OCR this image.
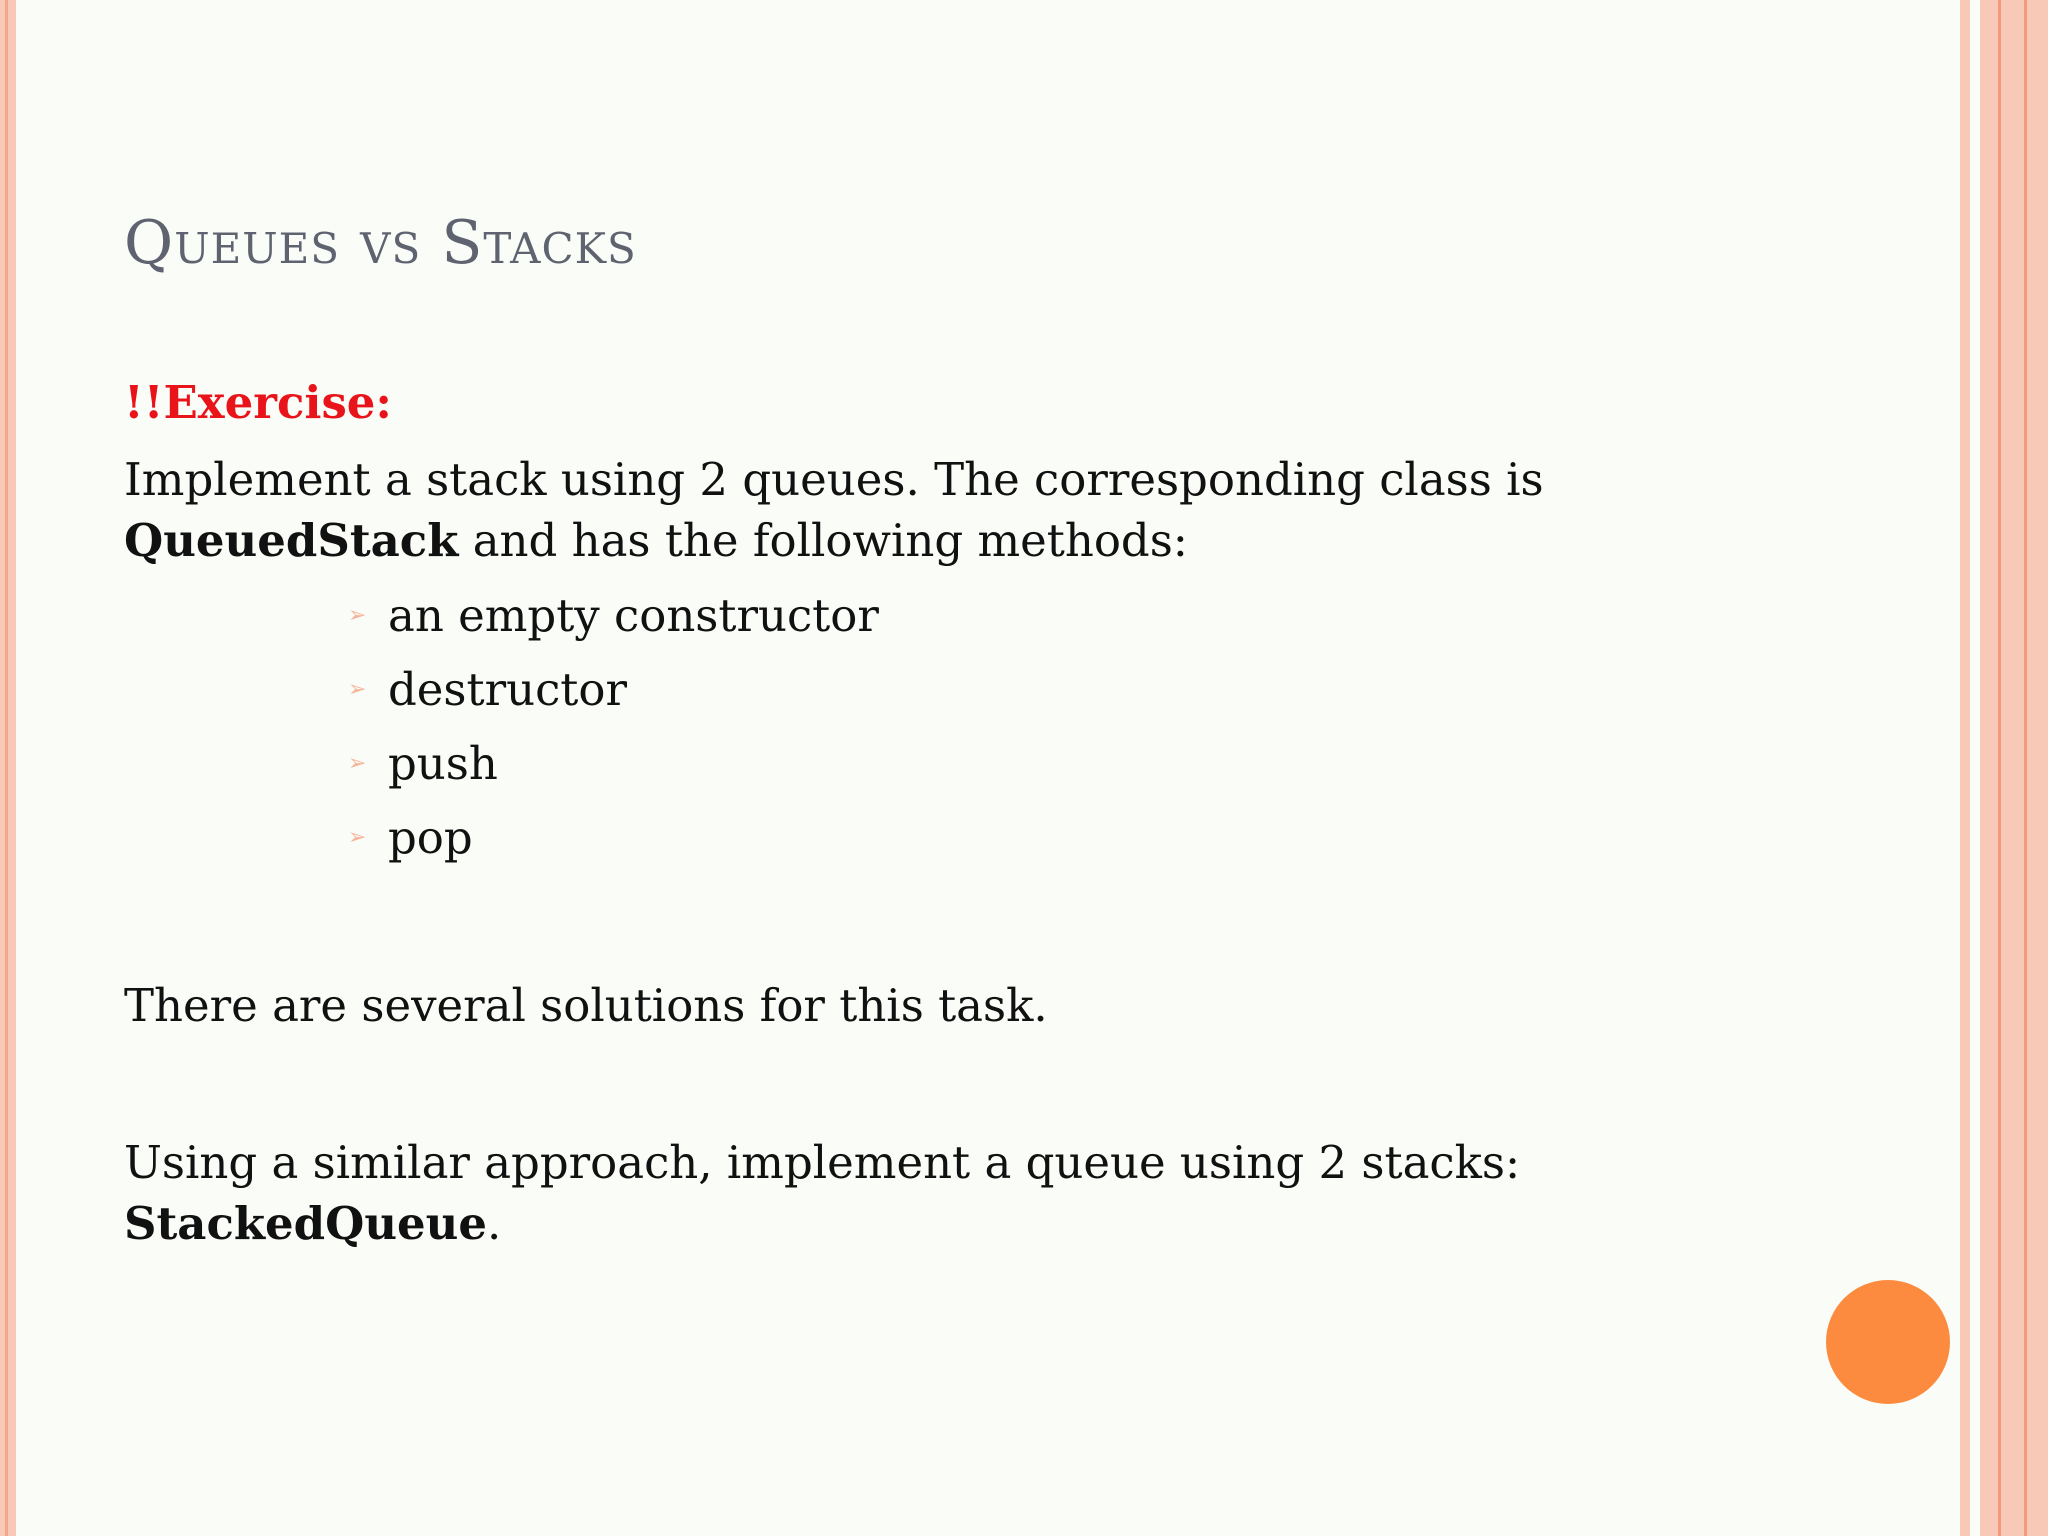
Queues vs Stacks

!!Exercise:

Implement a stack using 2 queues. The corresponding class is
QueuedStack and has the following methods:

➢ an empty constructor
➢ destructor
➢ push
➢ pop

There are several solutions for this task.

Using a similar approach, implement a queue using 2 stacks:
StackedQueue.
